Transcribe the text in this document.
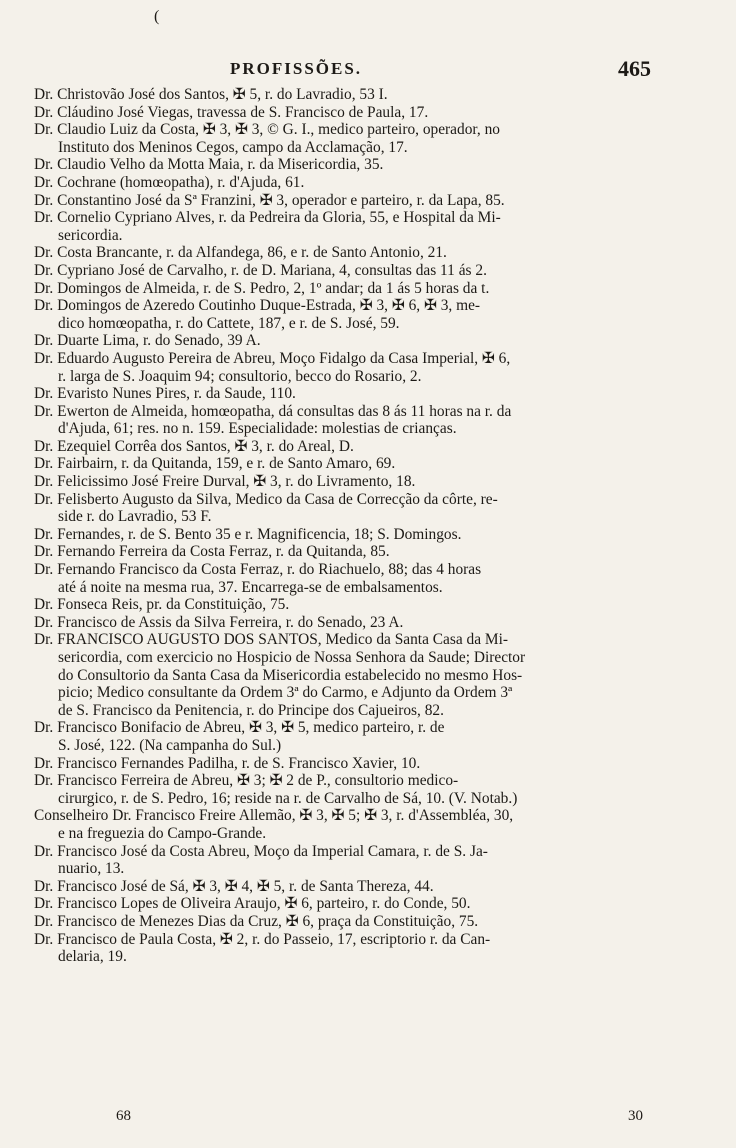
(
PROFISSÕES.	465
Dr. Christovão José dos Santos, ✠ 5, r. do Lavradio, 53 I.
Dr. Cláudino José Viegas, travessa de S. Francisco de Paula, 17.
Dr. Claudio Luiz da Costa, ✠ 3, ✠ 3, © G. I., medico parteiro, operador, no
Instituto dos Meninos Cegos, campo da Acclamação, 17.
Dr. Claudio Velho da Motta Maia, r. da Misericordia, 35.
Dr. Cochrane (homœopatha), r. d'Ajuda, 61.
Dr. Constantino José da Sª Franzini, ✠ 3, operador e parteiro, r. da Lapa, 85.
Dr. Cornelio Cypriano Alves, r. da Pedreira da Gloria, 55, e Hospital da Mi-
sericordia.
Dr. Costa Brancante, r. da Alfandega, 86, e r. de Santo Antonio, 21.
Dr. Cypriano José de Carvalho, r. de D. Mariana, 4, consultas das 11 ás 2.
Dr. Domingos de Almeida, r. de S. Pedro, 2, 1º andar; da 1 ás 5 horas da t.
Dr. Domingos de Azeredo Coutinho Duque-Estrada, ✠ 3, ✠ 6, ✠ 3, me-
dico homœopatha, r. do Cattete, 187, e r. de S. José, 59.
Dr. Duarte Lima, r. do Senado, 39 A.
Dr. Eduardo Augusto Pereira de Abreu, Moço Fidalgo da Casa Imperial, ✠ 6,
r. larga de S. Joaquim 94; consultorio, becco do Rosario, 2.
Dr. Evaristo Nunes Pires, r. da Saude, 110.
Dr. Ewerton de Almeida, homœopatha, dá consultas das 8 ás 11 horas na r. da
d'Ajuda, 61; res. no n. 159. Especialidade: molestias de crianças.
Dr. Ezequiel Corrêa dos Santos, ✠ 3, r. do Areal, D.
Dr. Fairbairn, r. da Quitanda, 159, e r. de Santo Amaro, 69.
Dr. Felicissimo José Freire Durval, ✠ 3, r. do Livramento, 18.
Dr. Felisberto Augusto da Silva, Medico da Casa de Correcção da côrte, re-
side r. do Lavradio, 53 F.
Dr. Fernandes, r. de S. Bento 35 e r. Magnificencia, 18; S. Domingos.
Dr. Fernando Ferreira da Costa Ferraz, r. da Quitanda, 85.
Dr. Fernando Francisco da Costa Ferraz, r. do Riachuelo, 88; das 4 horas
até á noite na mesma rua, 37. Encarrega-se de embalsamentos.
Dr. Fonseca Reis, pr. da Constituição, 75.
Dr. Francisco de Assis da Silva Ferreira, r. do Senado, 23 A.
Dr. FRANCISCO AUGUSTO DOS SANTOS, Medico da Santa Casa da Mi-
sericordia, com exercicio no Hospicio de Nossa Senhora da Saude; Director
do Consultorio da Santa Casa da Misericordia estabelecido no mesmo Hos-
picio; Medico consultante da Ordem 3ª do Carmo, e Adjunto da Ordem 3ª
de S. Francisco da Penitencia, r. do Principe dos Cajueiros, 82.
Dr. Francisco Bonifacio de Abreu, ✠ 3, ✠ 5, medico parteiro, r. de
S. José, 122. (Na campanha do Sul.)
Dr. Francisco Fernandes Padilha, r. de S. Francisco Xavier, 10.
Dr. Francisco Ferreira de Abreu, ✠ 3; ✠ 2 de P., consultorio medico-
cirurgico, r. de S. Pedro, 16; reside na r. de Carvalho de Sá, 10. (V. Notab.)
Conselheiro Dr. Francisco Freire Allemão, ✠ 3, ✠ 5; ✠ 3, r. d'Assembléa, 30,
e na freguezia do Campo-Grande.
Dr. Francisco José da Costa Abreu, Moço da Imperial Camara, r. de S. Ja-
nuario, 13.
Dr. Francisco José de Sá, ✠ 3, ✠ 4, ✠ 5, r. de Santa Thereza, 44.
Dr. Francisco Lopes de Oliveira Araujo, ✠ 6, parteiro, r. do Conde, 50.
Dr. Francisco de Menezes Dias da Cruz, ✠ 6, praça da Constituição, 75.
Dr. Francisco de Paula Costa, ✠ 2, r. do Passeio, 17, escriptorio r. da Can-
delaria, 19.
68	30
